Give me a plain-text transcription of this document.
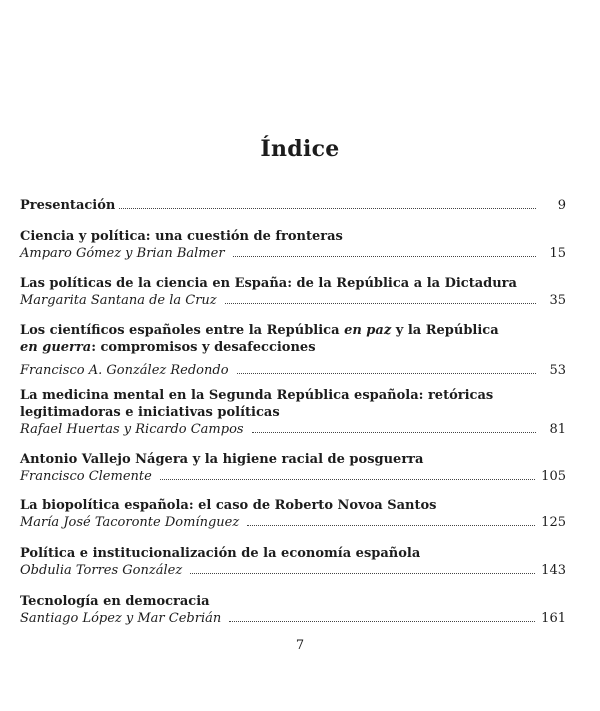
Índice
Presentación	9
Ciencia y política: una cuestión de fronteras
Amparo Gómez y Brian Balmer	15
Las políticas de la ciencia en España: de la República a la Dictadura
Margarita Santana de la Cruz	35
Los científicos españoles entre la República en paz y la República
en guerra: compromisos y desafecciones
Francisco A. González Redondo	53
La medicina mental en la Segunda República española: retóricas
legitimadoras e iniciativas políticas
Rafael Huertas y Ricardo Campos	81
Antonio Vallejo Nágera y la higiene racial de posguerra
Francisco Clemente	105
La biopolítica española: el caso de Roberto Novoa Santos
María José Tacoronte Domínguez	125
Política e institucionalización de la economía española
Obdulia Torres González	143
Tecnología en democracia
Santiago López y Mar Cebrián	161
7
